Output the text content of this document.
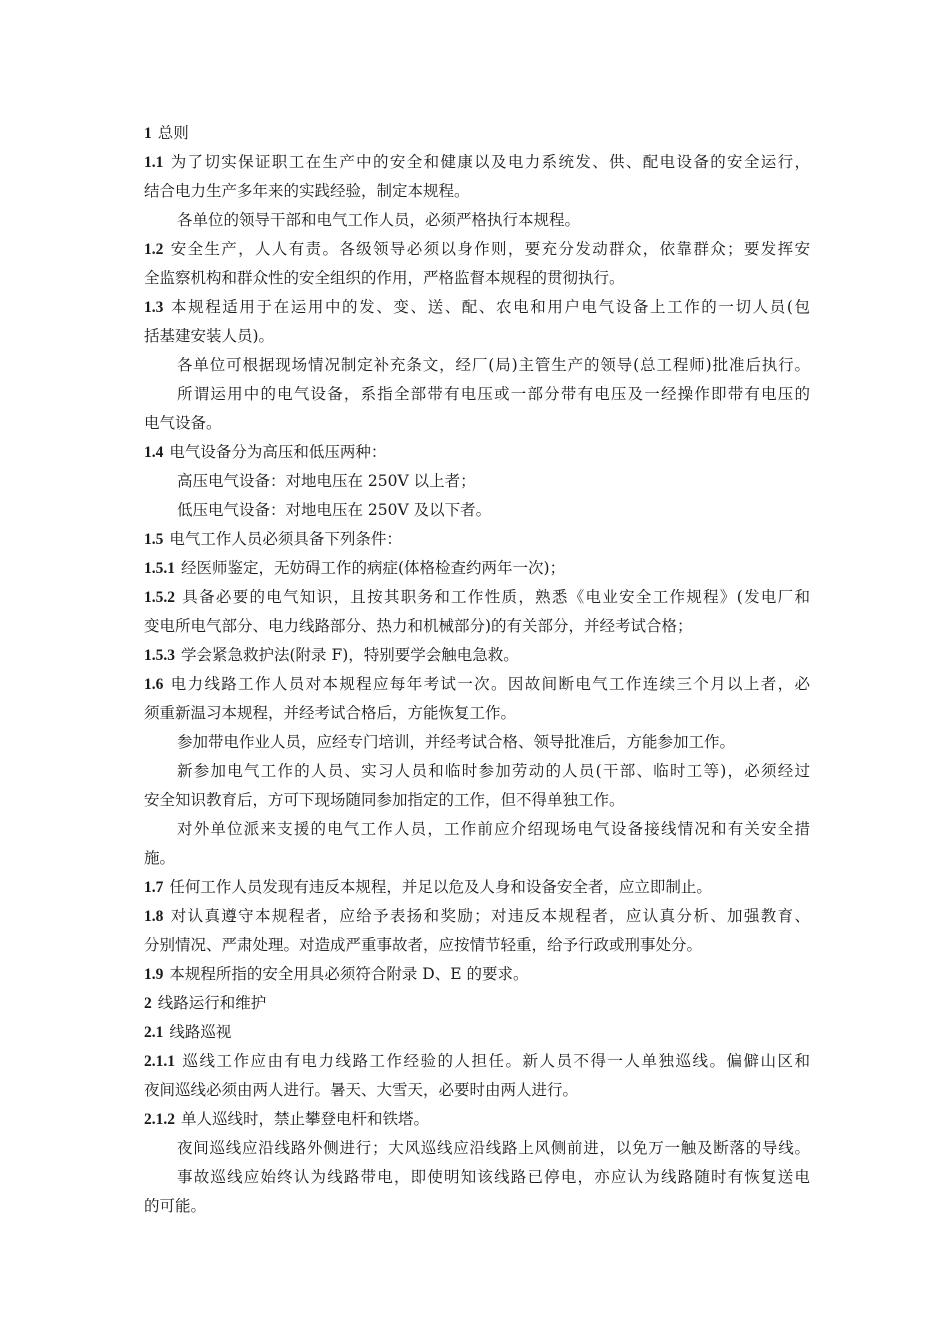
1 总则
1.1 为了切实保证职工在生产中的安全和健康以及电力系统发、供、配电设备的安全运行，
结合电力生产多年来的实践经验，制定本规程。
各单位的领导干部和电气工作人员，必须严格执行本规程。
1.2 安全生产，人人有责。各级领导必须以身作则，要充分发动群众，依靠群众；要发挥安
全监察机构和群众性的安全组织的作用，严格监督本规程的贯彻执行。
1.3 本规程适用于在运用中的发、变、送、配、农电和用户电气设备上工作的一切人员(包
括基建安装人员)。
各单位可根据现场情况制定补充条文，经厂(局)主管生产的领导(总工程师)批准后执行。
所谓运用中的电气设备，系指全部带有电压或一部分带有电压及一经操作即带有电压的
电气设备。
1.4 电气设备分为高压和低压两种：
高压电气设备：对地电压在 250V 以上者；
低压电气设备：对地电压在 250V 及以下者。
1.5 电气工作人员必须具备下列条件：
1.5.1 经医师鉴定，无妨碍工作的病症(体格检查约两年一次)；
1.5.2 具备必要的电气知识，且按其职务和工作性质，熟悉《电业安全工作规程》(发电厂和
变电所电气部分、电力线路部分、热力和机械部分)的有关部分，并经考试合格；
1.5.3 学会紧急救护法(附录 F)，特别要学会触电急救。
1.6 电力线路工作人员对本规程应每年考试一次。因故间断电气工作连续三个月以上者，必
须重新温习本规程，并经考试合格后，方能恢复工作。
参加带电作业人员，应经专门培训，并经考试合格、领导批准后，方能参加工作。
新参加电气工作的人员、实习人员和临时参加劳动的人员(干部、临时工等)，必须经过
安全知识教育后，方可下现场随同参加指定的工作，但不得单独工作。
对外单位派来支援的电气工作人员，工作前应介绍现场电气设备接线情况和有关安全措
施。
1.7 任何工作人员发现有违反本规程，并足以危及人身和设备安全者，应立即制止。
1.8 对认真遵守本规程者，应给予表扬和奖励；对违反本规程者，应认真分析、加强教育、
分别情况、严肃处理。对造成严重事故者，应按情节轻重，给予行政或刑事处分。
1.9 本规程所指的安全用具必须符合附录 D、E 的要求。
2 线路运行和维护
2.1 线路巡视
2.1.1 巡线工作应由有电力线路工作经验的人担任。新人员不得一人单独巡线。偏僻山区和
夜间巡线必须由两人进行。暑天、大雪天，必要时由两人进行。
2.1.2 单人巡线时，禁止攀登电杆和铁塔。
夜间巡线应沿线路外侧进行；大风巡线应沿线路上风侧前进，以免万一触及断落的导线。
事故巡线应始终认为线路带电，即使明知该线路已停电，亦应认为线路随时有恢复送电
的可能。
